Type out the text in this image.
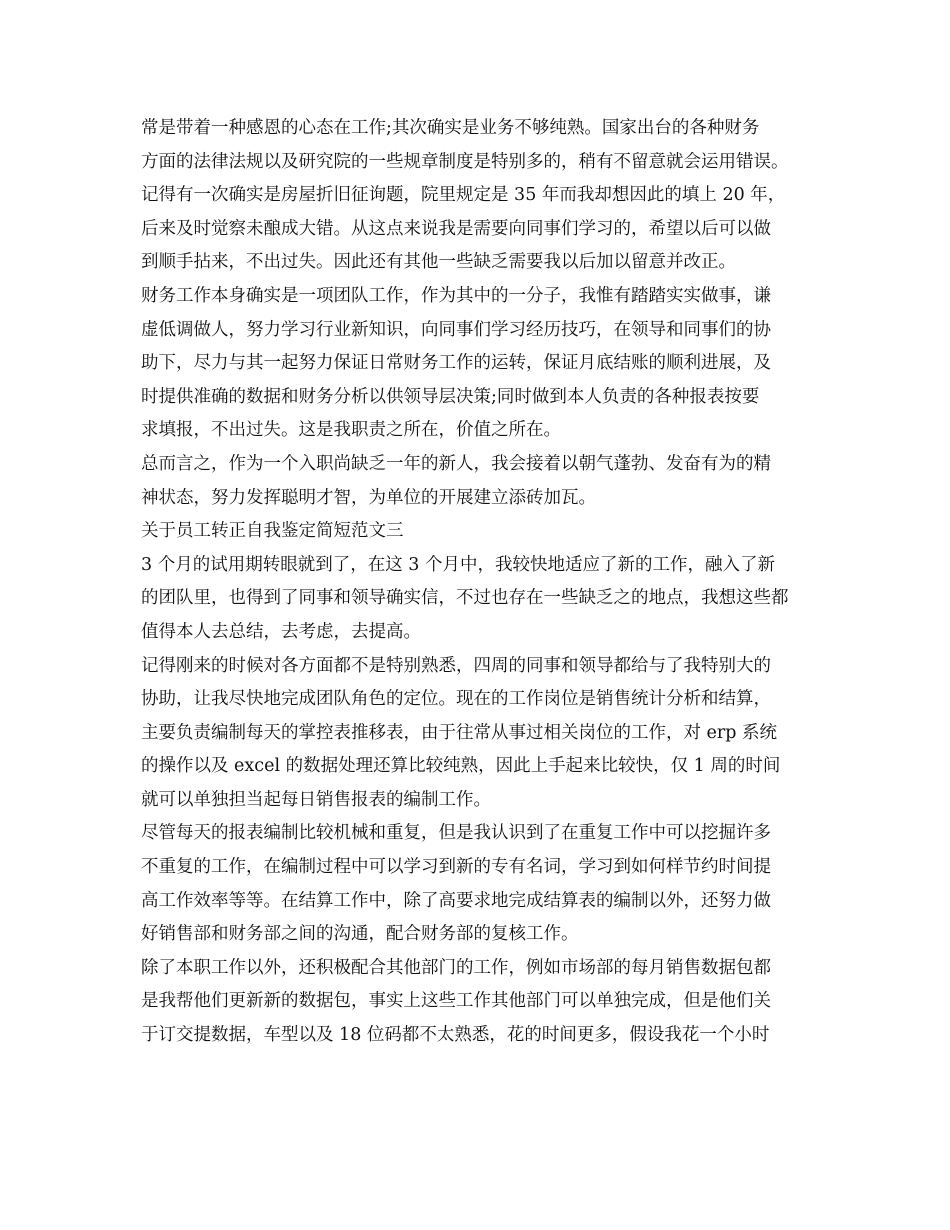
常是带着一种感恩的心态在工作;其次确实是业务不够纯熟。国家出台的各种财务
方面的法律法规以及研究院的一些规章制度是特别多的，稍有不留意就会运用错误。
记得有一次确实是房屋折旧征询题，院里规定是 35 年而我却想因此的填上 20 年，
后来及时觉察未酿成大错。从这点来说我是需要向同事们学习的，希望以后可以做
到顺手拈来，不出过失。因此还有其他一些缺乏需要我以后加以留意并改正。
财务工作本身确实是一项团队工作，作为其中的一分子，我惟有踏踏实实做事，谦
虚低调做人，努力学习行业新知识，向同事们学习经历技巧，在领导和同事们的协
助下，尽力与其一起努力保证日常财务工作的运转，保证月底结账的顺利进展，及
时提供准确的数据和财务分析以供领导层决策;同时做到本人负责的各种报表按要
求填报，不出过失。这是我职责之所在，价值之所在。
总而言之，作为一个入职尚缺乏一年的新人，我会接着以朝气蓬勃、发奋有为的精
神状态，努力发挥聪明才智，为单位的开展建立添砖加瓦。
关于员工转正自我鉴定简短范文三
3 个月的试用期转眼就到了，在这 3 个月中，我较快地适应了新的工作，融入了新
的团队里，也得到了同事和领导确实信，不过也存在一些缺乏之的地点，我想这些都
值得本人去总结，去考虑，去提高。
记得刚来的时候对各方面都不是特别熟悉，四周的同事和领导都给与了我特别大的
协助，让我尽快地完成团队角色的定位。现在的工作岗位是销售统计分析和结算，
主要负责编制每天的掌控表推移表，由于往常从事过相关岗位的工作，对 erp 系统
的操作以及 excel 的数据处理还算比较纯熟，因此上手起来比较快，仅 1 周的时间
就可以单独担当起每日销售报表的编制工作。
尽管每天的报表编制比较机械和重复，但是我认识到了在重复工作中可以挖掘许多
不重复的工作，在编制过程中可以学习到新的专有名词，学习到如何样节约时间提
高工作效率等等。在结算工作中，除了高要求地完成结算表的编制以外，还努力做
好销售部和财务部之间的沟通，配合财务部的复核工作。
除了本职工作以外，还积极配合其他部门的工作，例如市场部的每月销售数据包都
是我帮他们更新新的数据包，事实上这些工作其他部门可以单独完成，但是他们关
于订交提数据，车型以及 18 位码都不太熟悉，花的时间更多，假设我花一个小时
